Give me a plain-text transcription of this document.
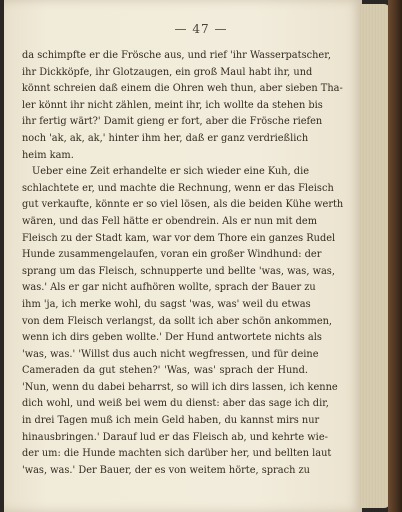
— 47 —
da schimpfte er die Frösche aus, und rief 'ihr Wasserpatscher,
ihr Dickköpfe, ihr Glotzaugen, ein groß Maul habt ihr, und
könnt schreien daß einem die Ohren weh thun, aber sieben Tha-
ler könnt ihr nicht zählen, meint ihr, ich wollte da stehen bis
ihr fertig wärt?' Damit gieng er fort, aber die Frösche riefen
noch 'ak, ak, ak,' hinter ihm her, daß er ganz verdrießlich
heim kam.
Ueber eine Zeit erhandelte er sich wieder eine Kuh, die
schlachtete er, und machte die Rechnung, wenn er das Fleisch
gut verkaufte, könnte er so viel lösen, als die beiden Kühe werth
wären, und das Fell hätte er obendrein. Als er nun mit dem
Fleisch zu der Stadt kam, war vor dem Thore ein ganzes Rudel
Hunde zusammengelaufen, voran ein großer Windhund: der
sprang um das Fleisch, schnupperte und bellte 'was, was, was,
was.' Als er gar nicht aufhören wollte, sprach der Bauer zu
ihm 'ja, ich merke wohl, du sagst 'was, was' weil du etwas
von dem Fleisch verlangst, da sollt ich aber schön ankommen,
wenn ich dirs geben wollte.' Der Hund antwortete nichts als
'was, was.' 'Willst dus auch nicht wegfressen, und für deine
Cameraden da gut stehen?' 'Was, was' sprach der Hund.
'Nun, wenn du dabei beharrst, so will ich dirs lassen, ich kenne
dich wohl, und weiß bei wem du dienst: aber das sage ich dir,
in drei Tagen muß ich mein Geld haben, du kannst mirs nur
hinausbringen.' Darauf lud er das Fleisch ab, und kehrte wie-
der um: die Hunde machten sich darüber her, und bellten laut
'was, was.' Der Bauer, der es von weitem hörte, sprach zu
